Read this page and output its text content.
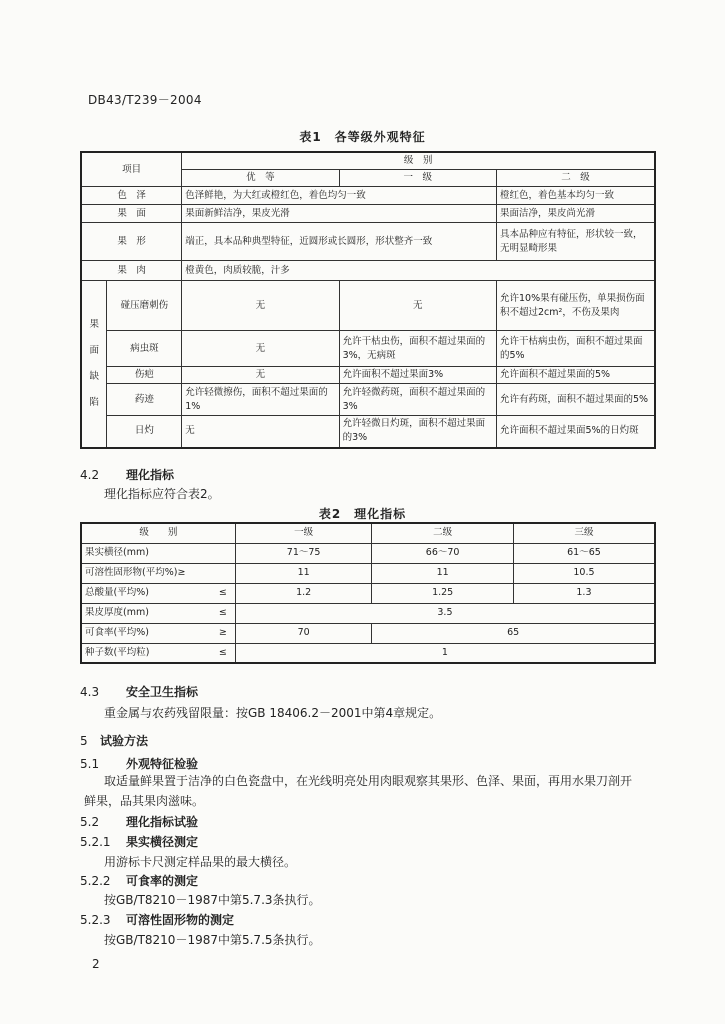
DB43/T239－2004
表1　各等级外观特征
项目		级　别		
		优　等	一　级	二　级
色　泽		色泽鲜艳，为大红或橙红色，着色均匀一致		橙红色，着色基本均匀一致
果　面		果面新鲜洁净，果皮光滑		果面洁净，果皮尚光滑
果　形		端正，具本品种典型特征，近圆形或长圆形，形状整齐一致		具本品种应有特征，形状较一致，无明显畸形果
果　肉		橙黄色，肉质较脆，汁多		
果面缺陷	碰压磨刺伤	无	无	允许10%果有碰压伤，单果损伤面积不超过2cm²，不伤及果肉
	病虫斑	无	允许干枯虫伤，面积不超过果面的3%，无病斑	允许干枯病虫伤，面积不超过果面的5%
	伤疤	无	允许面积不超过果面3%	允许面积不超过果面的5%
	药迹	允许轻微擦伤，面积不超过果面的1%	允许轻微药斑，面积不超过果面的3%	允许有药斑，面积不超过果面的5%
	日灼	无	允许轻微日灼斑，面积不超过果面的3%	允许面积不超过果面5%的日灼斑
4.2 理化指标
理化指标应符合表2。
表2　理化指标
级　　别		一级	二级	三级
果实横径(mm)		71～75	66～70	61～65
可溶性固形物(平均%)≥		11	11	10.5
总酸量(平均%)	≤	1.2	1.25	1.3
果皮厚度(mm)	≤	3.5		
可食率(平均%)	≥	70	65	
种子数(平均粒)	≤	1		
4.3 安全卫生指标
重金属与农药残留限量：按GB 18406.2－2001中第4章规定。
5 试验方法
5.1 外观特征检验
取适量鲜果置于洁净的白色瓷盘中，在光线明亮处用肉眼观察其果形、色泽、果面，再用水果刀剖开
鲜果，品其果肉滋味。
5.2 理化指标试验
5.2.1 果实横径测定
用游标卡尺测定样品果的最大横径。
5.2.2 可食率的测定
按GB/T8210－1987中第5.7.3条执行。
5.2.3 可溶性固形物的测定
按GB/T8210－1987中第5.7.5条执行。
2
